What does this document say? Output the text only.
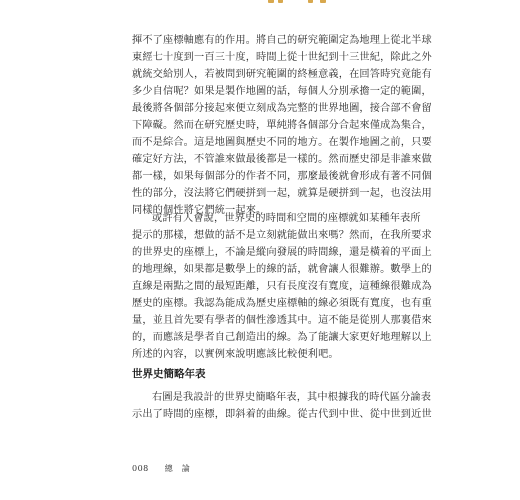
揮不了座標軸應有的作用。將自己的研究範圍定為地理上從北半球
東經七十度到一百三十度，時間上從十世紀到十三世紀，除此之外
就統交給別人，若被問到研究範圍的終極意義，在回答時究竟能有
多少自信呢？如果是製作地圖的話，每個人分別承擔一定的範圍，
最後將各個部分接起來便立刻成為完整的世界地圖，接合部不會留
下障礙。然而在研究歷史時，單純將各個部分合起來僅成為集合，
而不是綜合。這是地圖與歷史不同的地方。在製作地圖之前，只要
確定好方法，不管誰來做最後都是一樣的。然而歷史卻是非誰來做
都一樣，如果每個部分的作者不同，那麼最後就會形成有著不同個
性的部分，沒法將它們硬拼到一起，就算是硬拼到一起，也沒法用
同樣的個性將它們統一起來。
或許有人會說，世界史的時間和空間的座標就如某種年表所
提示的那樣，想做的話不是立刻就能做出來嗎？然而，在我所要求
的世界史的座標上，不論是縱向發展的時間線，還是橫着的平面上
的地理線，如果都是數學上的線的話，就會讓人很難辦。數學上的
直線是兩點之間的最短距離，只有長度沒有寬度，這種線很難成為
歷史的座標。我認為能成為歷史座標軸的線必須既有寬度，也有重
量，並且首先要有學者的個性滲透其中。這不能是從別人那裏借來
的，而應該是學者自己創造出的線。為了能讓大家更好地理解以上
所述的內容，以實例來說明應該比較便利吧。
世界史簡略年表
右圖是我設計的世界史簡略年表，其中根據我的時代區分論表
示出了時間的座標，即斜着的曲線。從古代到中世、從中世到近世
008 總　論
